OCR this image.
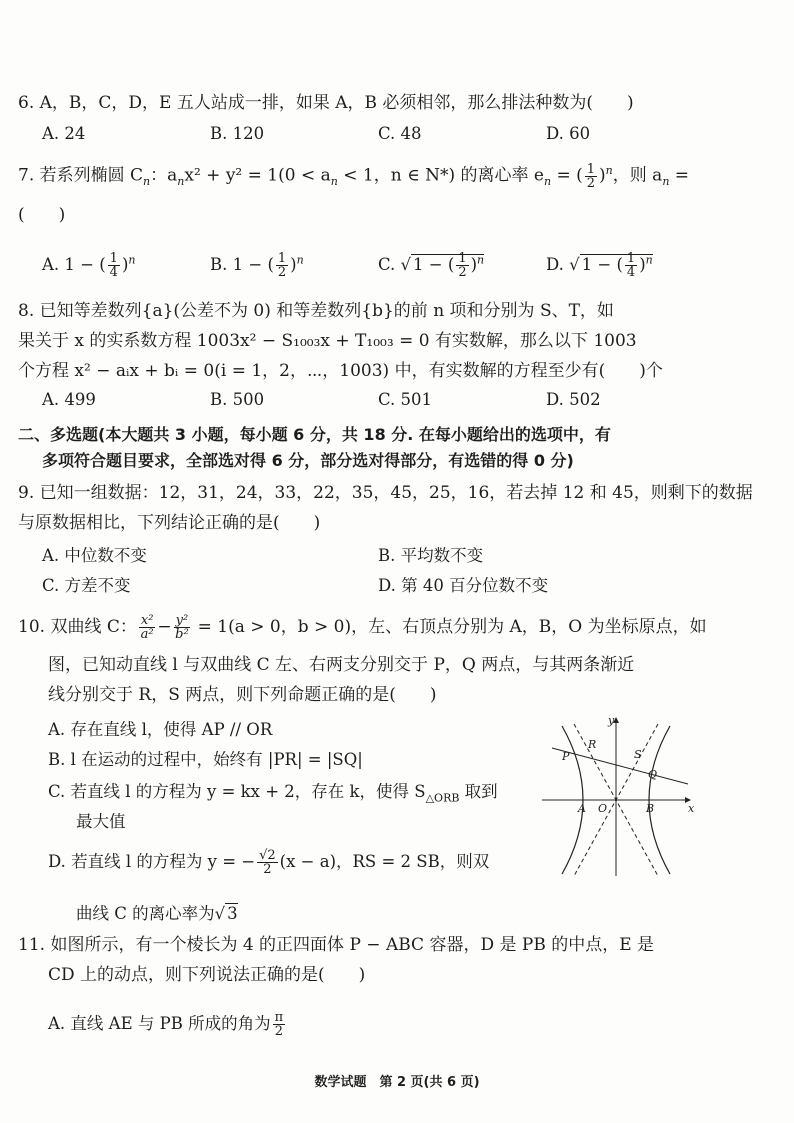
6. A，B，C，D，E 五人站成一排，如果 A，B 必须相邻，那么排法种数为(　　)
A. 24	B. 120	C. 48	D. 60
7. 若系列椭圆 $C_n$：$a_nx^2 + y^2 = 1(0 < a_n < 1$，n ∈ N*) 的离心率 $e_n$ = ( $\frac{1}{2} )^n$，则 $a_n$ =
(　　)
A. 1 − ( $\frac{1}{4} )^n$	B. 1 − ( $\frac{1}{2} )^n$	C. √ 1 − ( $\frac{1}{2} )^n$	D. √ 1 − ( $\frac{1}{4} )^n$
8. 已知等差数列{a}(公差不为 0) 和等差数列{b}的前 n 项和分别为 S、T，如
果关于 x 的实系数方程 1003x² − S₁₀₀₃x + T₁₀₀₃ = 0 有实数解，那么以下 1003
个方程 x² − aᵢx + bᵢ = 0(i = 1，2，⋯，1003) 中，有实数解的方程至少有(　　)个
A. 499	B. 500	C. 501	D. 502
二、多选题(本大题共 3 小题，每小题 6 分，共 18 分. 在每小题给出的选项中，有
多项符合题目要求，全部选对得 6 分，部分选对得部分，有选错的得 0 分)
9. 已知一组数据：12，31，24，33，22，35，45，25，16，若去掉 12 和 45，则剩下的数据
与原数据相比，下列结论正确的是(　　)
A. 中位数不变	B. 平均数不变
C. 方差不变	D. 第 40 百分位数不变
10. 双曲线 C： $\frac{\text{x²}}{\text{a²}} - \frac{\text{y²}}{\text{b²}} = 1(a > 0$，b > 0)，左、右顶点分别为 A，B，O 为坐标原点，如
图，已知动直线 l 与双曲线 C 左、右两支分别交于 P，Q 两点，与其两条渐近
线分别交于 R，S 两点，则下列命题正确的是(　　)
A. 存在直线 l，使得 AP // OR
B. l 在运动的过程中，始终有 |PR| = |SQ|
C. 若直线 l 的方程为 y = kx + 2，存在 k，使得 $S_{\triangle ORB}$ 取到
最大值
D. 若直线 l 的方程为 y = − $\frac{√2}{2} (x - a)$，RS = 2 SB，则双
曲线 C 的离心率为√ 3
y
x
P
R
S
Q
A O	B
11. 如图所示，有一个棱长为 4 的正四面体 P − ABC 容器，D 是 PB 的中点，E 是
CD 上的动点，则下列说法正确的是(　　)
A. 直线 AE 与 PB 所成的角为 $\frac{\pi}{2}$
数学试题　第 2 页(共 6 页)
